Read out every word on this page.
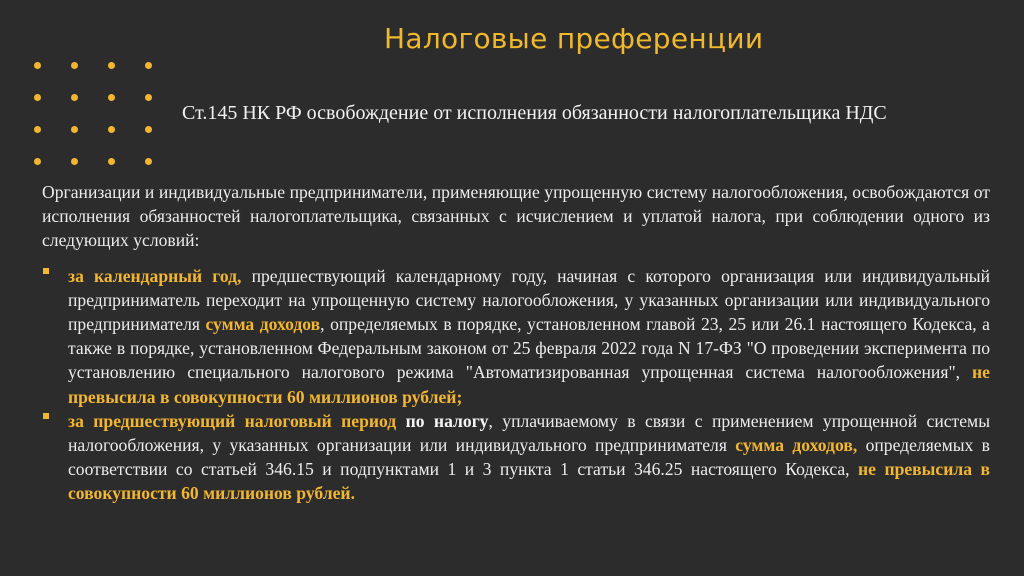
Налоговые преференции
Ст.145 НК РФ освобождение от исполнения обязанности налогоплательщика НДС

Организации и индивидуальные предприниматели, применяющие упрощенную систему налогообложения, освобождаются от исполнения обязанностей налогоплательщика, связанных с исчислением и уплатой налога, при соблюдении одного из следующих условий:

за календарный год, предшествующий календарному году, начиная с которого организация или индивидуальный предприниматель переходит на упрощенную систему налогообложения, у указанных организации или индивидуального предпринимателя сумма доходов, определяемых в порядке, установленном главой 23, 25 или 26.1 настоящего Кодекса, а также в порядке, установленном Федеральным законом от 25 февраля 2022 года N 17-ФЗ "О проведении эксперимента по установлению специального налогового режима "Автоматизированная упрощенная система налогообложения", не превысила в совокупности 60 миллионов рублей;
за предшествующий налоговый период по налогу, уплачиваемому в связи с применением упрощенной системы налогообложения, у указанных организации или индивидуального предпринимателя сумма доходов, определяемых в соответствии со статьей 346.15 и подпунктами 1 и 3 пункта 1 статьи 346.25 настоящего Кодекса, не превысила в совокупности 60 миллионов рублей.
